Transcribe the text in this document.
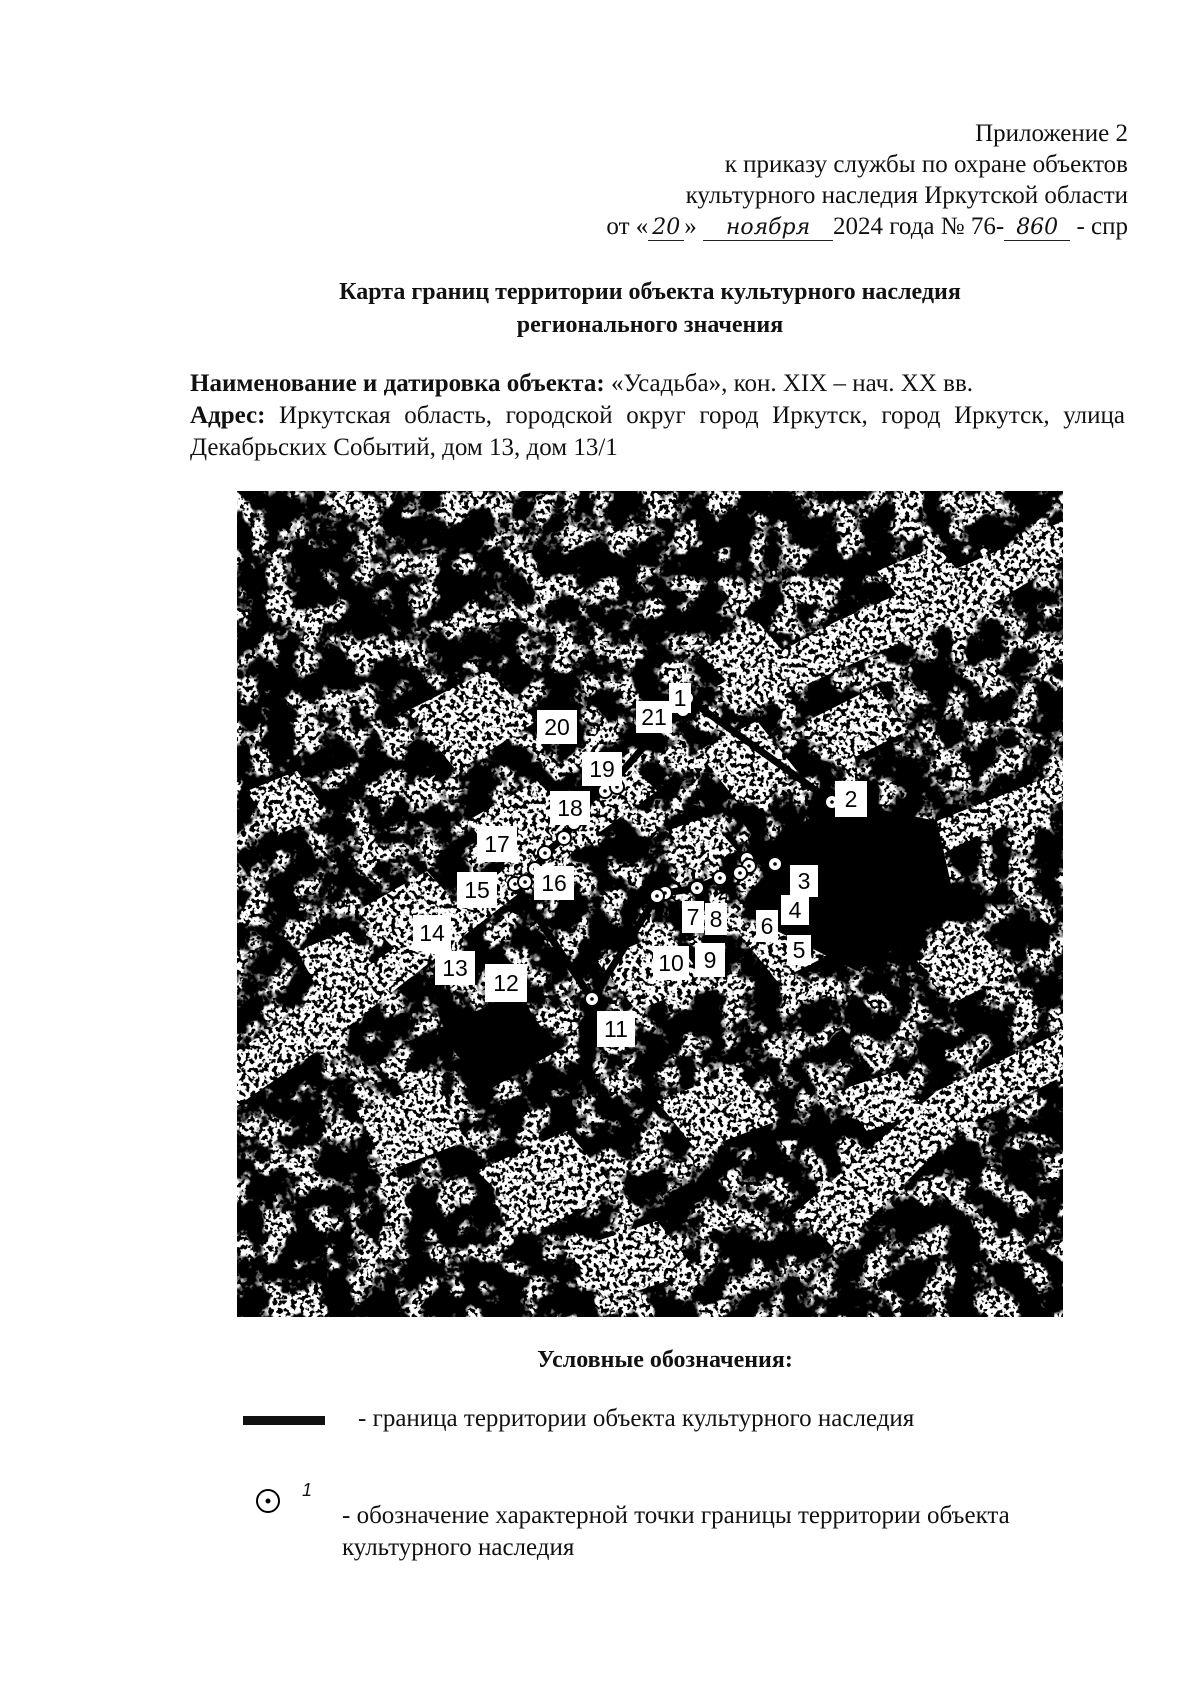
Приложение 2
к приказу службы по охране объектов
культурного наследия Иркутской области
от « 20 » ноября 2024 года № 76- 860 - спр
Карта границ территории объекта культурного наследия
регионального значения
Наименование и датировка объекта: «Усадьба», кон. XIX – нач. XX вв.
Адрес: Иркутская область, городской округ город Иркутск, город Иркутск, улица Декабрьских Событий, дом 13, дом 13/1
1
2
3
4
5
6
7 8
9
10
11
12
13
14
15 16
17
18
19
20	21
Условные обозначения:
- граница территории объекта культурного наследия
1
- обозначение характерной точки границы территории объекта
культурного наследия
